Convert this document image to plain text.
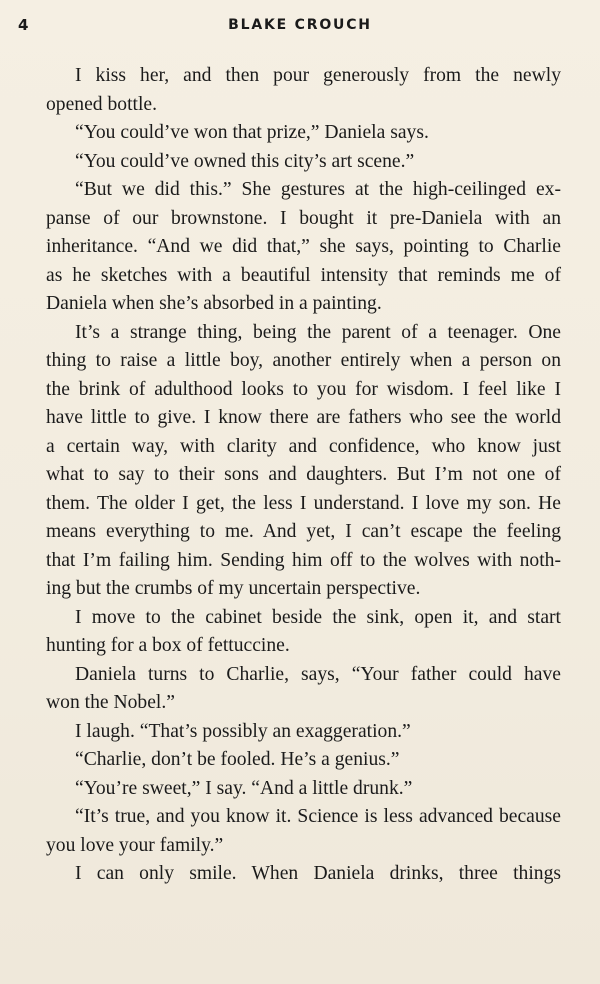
4	BLAKE CROUCH

I kiss her, and then pour generously from the newly

opened bottle.

“You could’ve won that prize,” Daniela says.

“You could’ve owned this city’s art scene.”

“But we did this.” She gestures at the high-ceilinged ex-

panse of our brownstone. I bought it pre-Daniela with an

inheritance. “And we did that,” she says, pointing to Charlie

as he sketches with a beautiful intensity that reminds me of

Daniela when she’s absorbed in a painting.

It’s a strange thing, being the parent of a teenager. One

thing to raise a little boy, another entirely when a person on

the brink of adulthood looks to you for wisdom. I feel like I

have little to give. I know there are fathers who see the world

a certain way, with clarity and confidence, who know just

what to say to their sons and daughters. But I’m not one of

them. The older I get, the less I understand. I love my son. He

means everything to me. And yet, I can’t escape the feeling

that I’m failing him. Sending him off to the wolves with noth-

ing but the crumbs of my uncertain perspective.

I move to the cabinet beside the sink, open it, and start

hunting for a box of fettuccine.

Daniela turns to Charlie, says, “Your father could have

won the Nobel.”

I laugh. “That’s possibly an exaggeration.”

“Charlie, don’t be fooled. He’s a genius.”

“You’re sweet,” I say. “And a little drunk.”

“It’s true, and you know it. Science is less advanced because

you love your family.”

I can only smile. When Daniela drinks, three things
